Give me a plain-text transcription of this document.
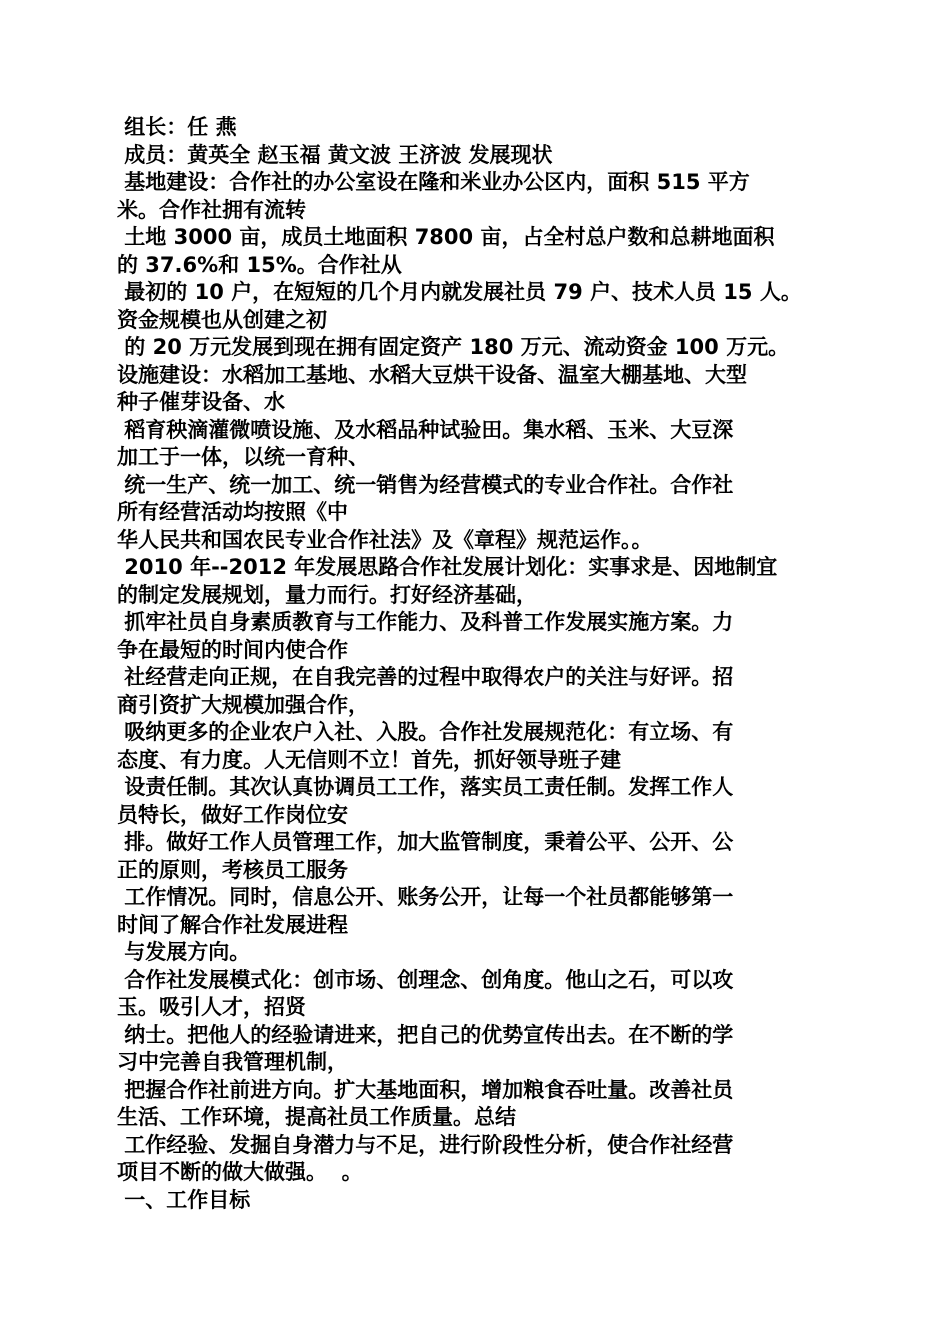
组长：任 燕
成员：黄英全 赵玉福 黄文波 王济波 发展现状
基地建设：合作社的办公室设在隆和米业办公区内，面积 515 平方
米。合作社拥有流转
土地 3000 亩，成员土地面积 7800 亩，占全村总户数和总耕地面积
的 37.6%和 15%。合作社从
最初的 10 户，在短短的几个月内就发展社员 79 户、技术人员 15 人。
资金规模也从创建之初
的 20 万元发展到现在拥有固定资产 180 万元、流动资金 100 万元。
设施建设：水稻加工基地、水稻大豆烘干设备、温室大棚基地、大型
种子催芽设备、水
稻育秧滴灌微喷设施、及水稻品种试验田。集水稻、玉米、大豆深
加工于一体，以统一育种、
统一生产、统一加工、统一销售为经营模式的专业合作社。合作社
所有经营活动均按照《中
华人民共和国农民专业合作社法》及《章程》规范运作。。
2010 年--2012 年发展思路合作社发展计划化：实事求是、因地制宜
的制定发展规划，量力而行。打好经济基础，
抓牢社员自身素质教育与工作能力、及科普工作发展实施方案。力
争在最短的时间内使合作
社经营走向正规，在自我完善的过程中取得农户的关注与好评。招
商引资扩大规模加强合作，
吸纳更多的企业农户入社、入股。合作社发展规范化：有立场、有
态度、有力度。人无信则不立！首先，抓好领导班子建
设责任制。其次认真协调员工工作，落实员工责任制。发挥工作人
员特长，做好工作岗位安
排。做好工作人员管理工作，加大监管制度，秉着公平、公开、公
正的原则，考核员工服务
工作情况。同时，信息公开、账务公开，让每一个社员都能够第一
时间了解合作社发展进程
与发展方向。
合作社发展模式化：创市场、创理念、创角度。他山之石，可以攻
玉。吸引人才，招贤
纳士。把他人的经验请进来，把自己的优势宣传出去。在不断的学
习中完善自我管理机制，
把握合作社前进方向。扩大基地面积，增加粮食吞吐量。改善社员
生活、工作环境，提高社员工作质量。总结
工作经验、发掘自身潜力与不足，进行阶段性分析，使合作社经营
项目不断的做大做强。  。
一、工作目标
